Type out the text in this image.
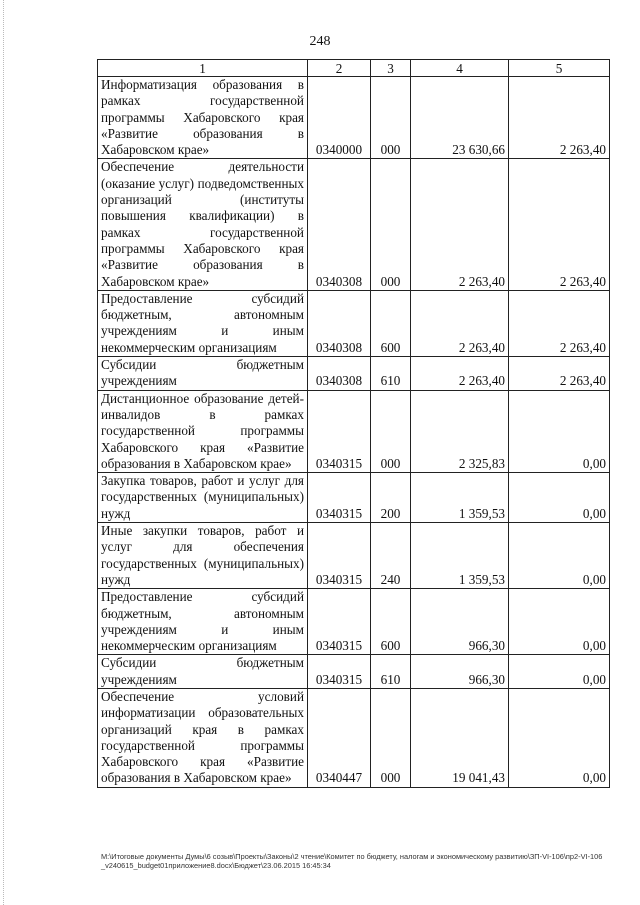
248
1	2	3	4	5
Информатизация образования в рамках государственной программы Хабаровского края «Развитие образования в Хабаровском крае»	0340000	000	23 630,66	2 263,40
Обеспечение деятельности (оказание услуг) подведомственных организаций (институты повышения квалификации) в рамках государственной программы Хабаровского края «Развитие образования в Хабаровском крае»	0340308	000	2 263,40	2 263,40
Предоставление субсидий бюджетным, автономным учреждениям и иным некоммерческим организациям	0340308	600	2 263,40	2 263,40
Субсидии бюджетным учреждениям	0340308	610	2 263,40	2 263,40
Дистанционное образование детей-инвалидов в рамках государственной программы Хабаровского края «Развитие образования в Хабаровском крае»	0340315	000	2 325,83	0,00
Закупка товаров, работ и услуг для государственных (муниципальных) нужд	0340315	200	1 359,53	0,00
Иные закупки товаров, работ и услуг для обеспечения государственных (муниципальных) нужд	0340315	240	1 359,53	0,00
Предоставление субсидий бюджетным, автономным учреждениям и иным некоммерческим организациям	0340315	600	966,30	0,00
Субсидии бюджетным учреждениям	0340315	610	966,30	0,00
Обеспечение условий информатизации образовательных организаций края в рамках государственной программы Хабаровского края «Развитие образования в Хабаровском крае»	0340447	000	19 041,43	0,00
M:\Итоговые документы Думы\6 созыв\Проекты\Законы\2 чтение\Комитет по бюджету, налогам и экономическому развитию\ЗП-VI-106\пр2-VI-106_v240615_budget01приложение8.docx\Бюджет\23.06.2015 16:45:34
